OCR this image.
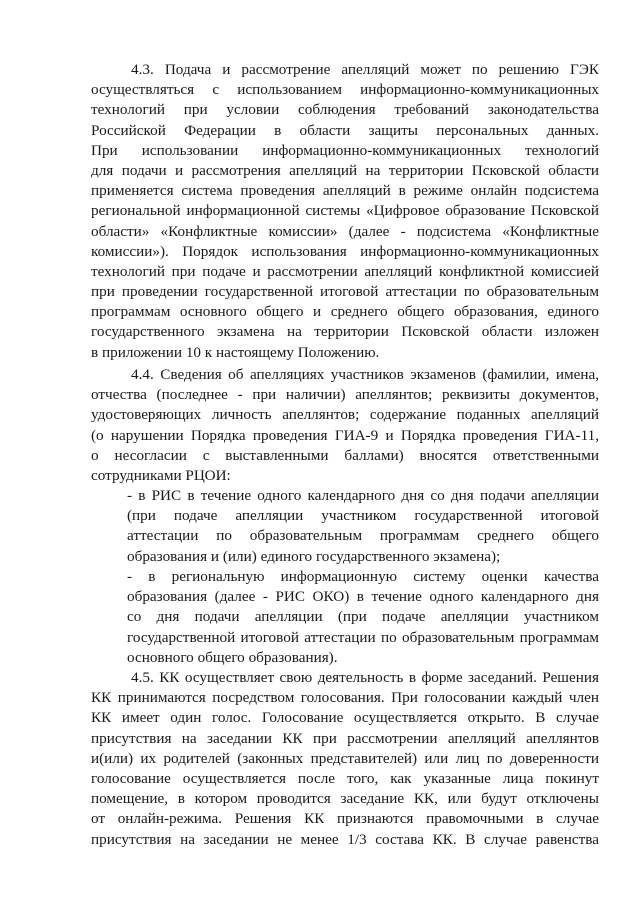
4.3. Подача и рассмотрение апелляций может по решению ГЭК
осуществляться с использованием информационно-коммуникационных
технологий при условии соблюдения требований законодательства
Российской Федерации в области защиты персональных данных.
При использовании информационно-коммуникационных технологий
для подачи и рассмотрения апелляций на территории Псковской области
применяется система проведения апелляций в режиме онлайн подсистема
региональной информационной системы «Цифровое образование Псковской
области» «Конфликтные комиссии» (далее - подсистема «Конфликтные
комиссии»). Порядок использования информационно-коммуникационных
технологий при подаче и рассмотрении апелляций конфликтной комиссией
при проведении государственной итоговой аттестации по образовательным
программам основного общего и среднего общего образования, единого
государственного экзамена на территории Псковской области изложен
в приложении 10 к настоящему Положению.
4.4. Сведения об апелляциях участников экзаменов (фамилии, имена,
отчества (последнее - при наличии) апеллянтов; реквизиты документов,
удостоверяющих личность апеллянтов; содержание поданных апелляций
(о нарушении Порядка проведения ГИА-9 и Порядка проведения ГИА-11,
о несогласии с выставленными баллами) вносятся ответственными
сотрудниками РЦОИ:
- в РИС в течение одного календарного дня со дня подачи апелляции
(при подаче апелляции участником государственной итоговой
аттестации по образовательным программам среднего общего
образования и (или) единого государственного экзамена);
- в региональную информационную систему оценки качества
образования (далее - РИС ОКО) в течение одного календарного дня
со дня подачи апелляции (при подаче апелляции участником
государственной итоговой аттестации по образовательным программам
основного общего образования).
4.5. КК осуществляет свою деятельность в форме заседаний. Решения
КК принимаются посредством голосования. При голосовании каждый член
КК имеет один голос. Голосование осуществляется открыто. В случае
присутствия на заседании КК при рассмотрении апелляций апеллянтов
и(или) их родителей (законных представителей) или лиц по доверенности
голосование осуществляется после того, как указанные лица покинут
помещение, в котором проводится заседание КК, или будут отключены
от онлайн-режима. Решения КК признаются правомочными в случае
присутствия на заседании не менее 1/3 состава КК. В случае равенства
